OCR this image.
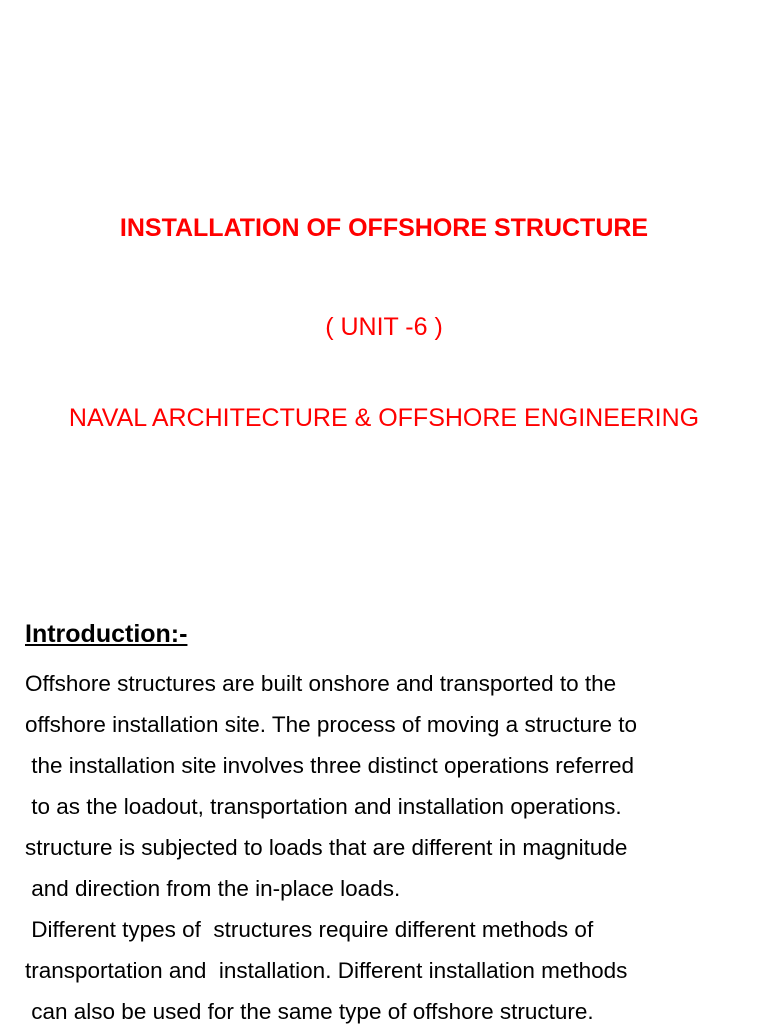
INSTALLATION OF OFFSHORE STRUCTURE
( UNIT -6 )
NAVAL ARCHITECTURE & OFFSHORE ENGINEERING
Introduction:-
Offshore structures are built onshore and transported to the
offshore installation site. The process of moving a structure to
the installation site involves three distinct operations referred
to as the loadout, transportation and installation operations.
structure is subjected to loads that are different in magnitude
and direction from the in-place loads.
Different types of  structures require different methods of
transportation and  installation. Different installation methods
can also be used for the same type of offshore structure.
